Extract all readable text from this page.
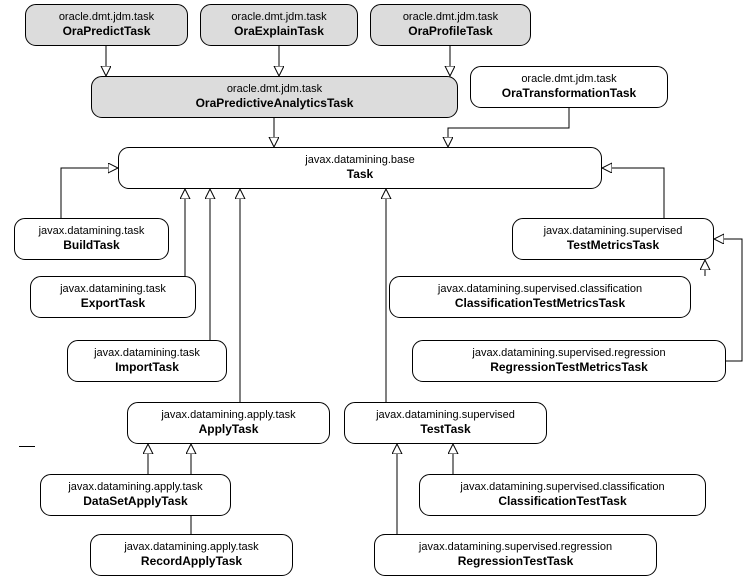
oracle.dmt.jdm.task
OraPredictTask
oracle.dmt.jdm.task
OraExplainTask
oracle.dmt.jdm.task
OraProfileTask
oracle.dmt.jdm.task
OraPredictiveAnalyticsTask
oracle.dmt.jdm.task
OraTransformationTask
javax.datamining.base
Task
javax.datamining.task
BuildTask
javax.datamining.supervised
TestMetricsTask
javax.datamining.task
ExportTask
javax.datamining.supervised.classification
ClassificationTestMetricsTask
javax.datamining.task
ImportTask
javax.datamining.supervised.regression
RegressionTestMetricsTask
javax.datamining.apply.task
ApplyTask
javax.datamining.supervised
TestTask
javax.datamining.apply.task
DataSetApplyTask
javax.datamining.supervised.classification
ClassificationTestTask
javax.datamining.apply.task
RecordApplyTask
javax.datamining.supervised.regression
RegressionTestTask
